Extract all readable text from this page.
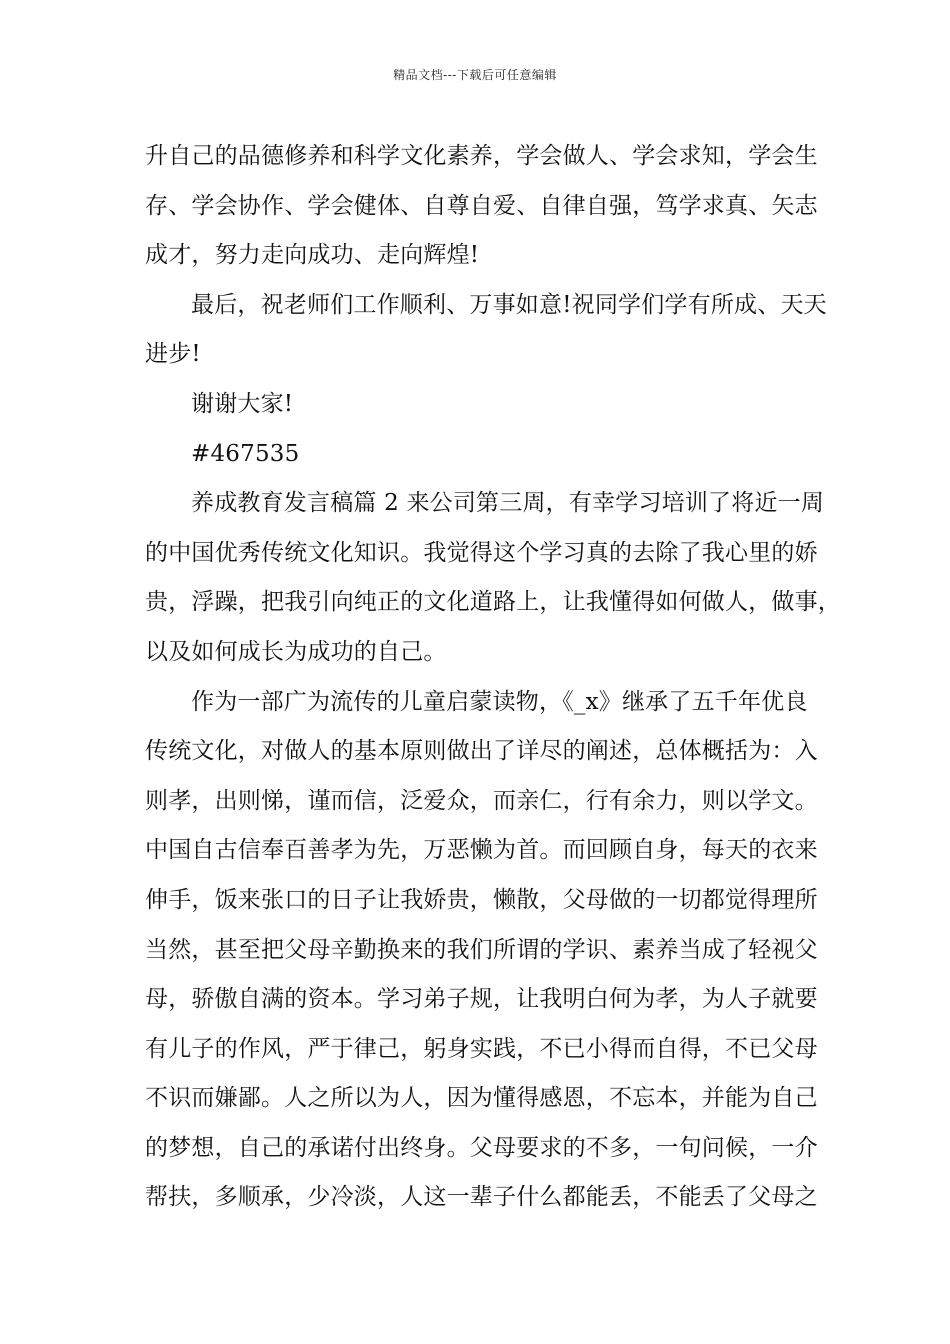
精品文档---下载后可任意编辑
升自己的品德修养和科学文化素养，学会做人、学会求知，学会生
存、学会协作、学会健体、自尊自爱、自律自强，笃学求真、矢志
成才，努力走向成功、走向辉煌!
最后，祝老师们工作顺利、万事如意!祝同学们学有所成、天天
进步!
谢谢大家!
#467535
养成教育发言稿篇 2 来公司第三周，有幸学习培训了将近一周
的中国优秀传统文化知识。我觉得这个学习真的去除了我心里的娇
贵，浮躁，把我引向纯正的文化道路上，让我懂得如何做人，做事，
以及如何成长为成功的自己。
作为一部广为流传的儿童启蒙读物，《_x》继承了五千年优良
传统文化，对做人的基本原则做出了详尽的阐述，总体概括为：入
则孝，出则悌，谨而信，泛爱众，而亲仁，行有余力，则以学文。
中国自古信奉百善孝为先，万恶懒为首。而回顾自身，每天的衣来
伸手，饭来张口的日子让我娇贵，懒散，父母做的一切都觉得理所
当然，甚至把父母辛勤换来的我们所谓的学识、素养当成了轻视父
母，骄傲自满的资本。学习弟子规，让我明白何为孝，为人子就要
有儿子的作风，严于律己，躬身实践，不已小得而自得，不已父母
不识而嫌鄙。人之所以为人，因为懂得感恩，不忘本，并能为自己
的梦想，自己的承诺付出终身。父母要求的不多，一句问候，一介
帮扶，多顺承，少冷淡，人这一辈子什么都能丢，不能丢了父母之
